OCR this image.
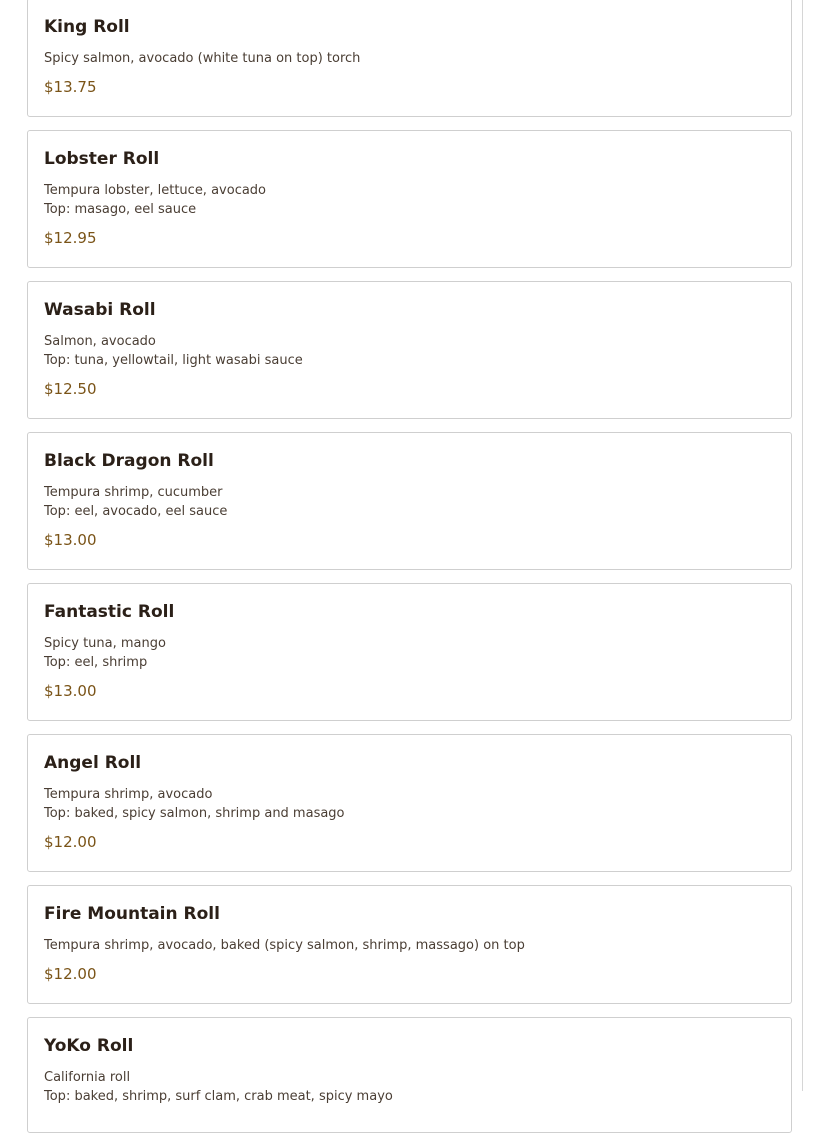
King Roll
Spicy salmon, avocado (white tuna on top) torch
$13.75
Lobster Roll
Tempura lobster, lettuce, avocado
Top: masago, eel sauce
$12.95
Wasabi Roll
Salmon, avocado
Top: tuna, yellowtail, light wasabi sauce
$12.50
Black Dragon Roll
Tempura shrimp, cucumber
Top: eel, avocado, eel sauce
$13.00
Fantastic Roll
Spicy tuna, mango
Top: eel, shrimp
$13.00
Angel Roll
Tempura shrimp, avocado
Top: baked, spicy salmon, shrimp and masago
$12.00
Fire Mountain Roll
Tempura shrimp, avocado, baked (spicy salmon, shrimp, massago) on top
$12.00
YoKo Roll
California roll
Top: baked, shrimp, surf clam, crab meat, spicy mayo
